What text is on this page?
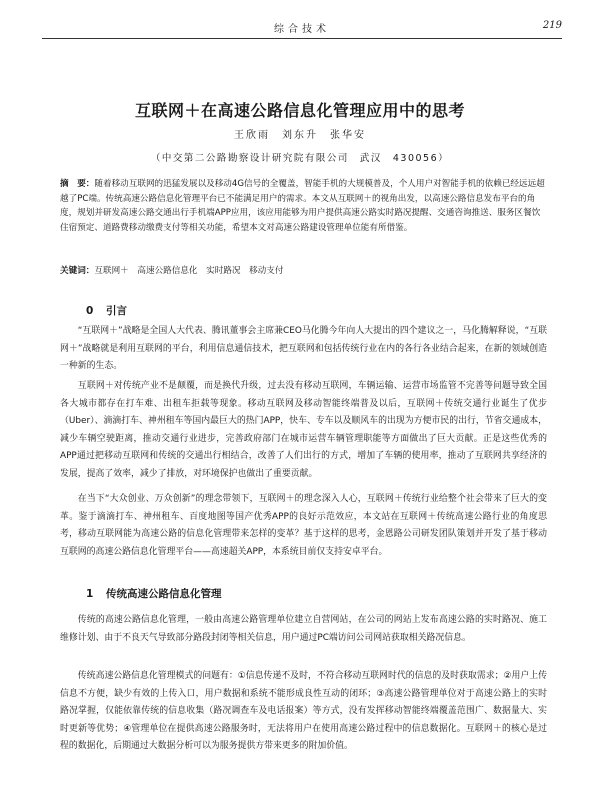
综合技术	219
互联网＋在高速公路信息化管理应用中的思考
王欣雨　刘东升　张华安
（中交第二公路勘察设计研究院有限公司　武汉　430056）
摘　要：随着移动互联网的迅猛发展以及移动4G信号的全覆盖，智能手机的大规模普及，个人用户对智能手机的依赖已经远远超越了PC端。传统高速公路信息化管理平台已不能满足用户的需求。本文从互联网＋的视角出发，以高速公路信息发布平台的角度，规划并研发高速公路交通出行手机端APP应用，该应用能够为用户提供高速公路实时路况提醒、交通咨询推送、服务区餐饮住宿预定、道路费移动缴费支付等相关功能，希望本文对高速公路建设管理单位能有所借鉴。
关键词：互联网＋　高速公路信息化　实时路况　移动支付
0 引言
“互联网＋”战略是全国人大代表、腾讯董事会主席兼CEO马化腾今年向人大提出的四个建议之一，马化腾解释说，“互联网＋”战略就是利用互联网的平台，利用信息通信技术，把互联网和包括传统行业在内的各行各业结合起来，在新的领域创造一种新的生态。
互联网＋对传统产业不是颠覆，而是换代升级，过去没有移动互联网，车辆运输、运营市场监管不完善等问题导致全国各大城市都存在打车难、出租车拒载等现象。移动互联网及移动智能终端普及以后，互联网＋传统交通行业诞生了优步（Uber）、滴滴打车、神州租车等国内最巨大的热门APP，快车、专车以及顺风车的出现为方便市民的出行，节省交通成本，减少车辆空驶距离，推动交通行业进步，完善政府部门在城市运营车辆管理职能等方面做出了巨大贡献。正是这些优秀的APP通过把移动互联网和传统的交通出行相结合，改善了人们出行的方式，增加了车辆的使用率，推动了互联网共享经济的发展，提高了效率，减少了排放，对环境保护也做出了重要贡献。
在当下“大众创业、万众创新”的理念带领下，互联网＋的理念深入人心，互联网＋传统行业给整个社会带来了巨大的变革。鉴于滴滴打车、神州租车、百度地图等国产优秀APP的良好示范效应，本文站在互联网＋传统高速公路行业的角度思考，移动互联网能为高速公路的信息化管理带来怎样的变革？基于这样的思考，金恩路公司研发团队策划并开发了基于移动互联网的高速公路信息化管理平台——高速超关APP，本系统目前仅支持安卓平台。
1 传统高速公路信息化管理
传统的高速公路信息化管理，一般由高速公路管理单位建立自营网站，在公司的网站上发布高速公路的实时路况、施工维修计划、由于不良天气导致部分路段封闭等相关信息，用户通过PC端访问公司网站获取相关路况信息。
传统高速公路信息化管理模式的问题有：①信息传递不及时，不符合移动互联网时代的信息的及时获取需求；②用户上传信息不方便，缺少有效的上传入口，用户数据和系统不能形成良性互动的闭环；③高速公路管理单位对于高速公路上的实时路况掌握，仅能依靠传统的信息收集（路况调查车及电话报案）等方式，没有发挥移动智能终端覆盖范围广、数据量大、实时更新等优势；④管理单位在提供高速公路服务时，无法将用户在使用高速公路过程中的信息数据化。互联网＋的核心是过程的数据化，后期通过大数据分析可以为服务提供方带来更多的附加价值。
